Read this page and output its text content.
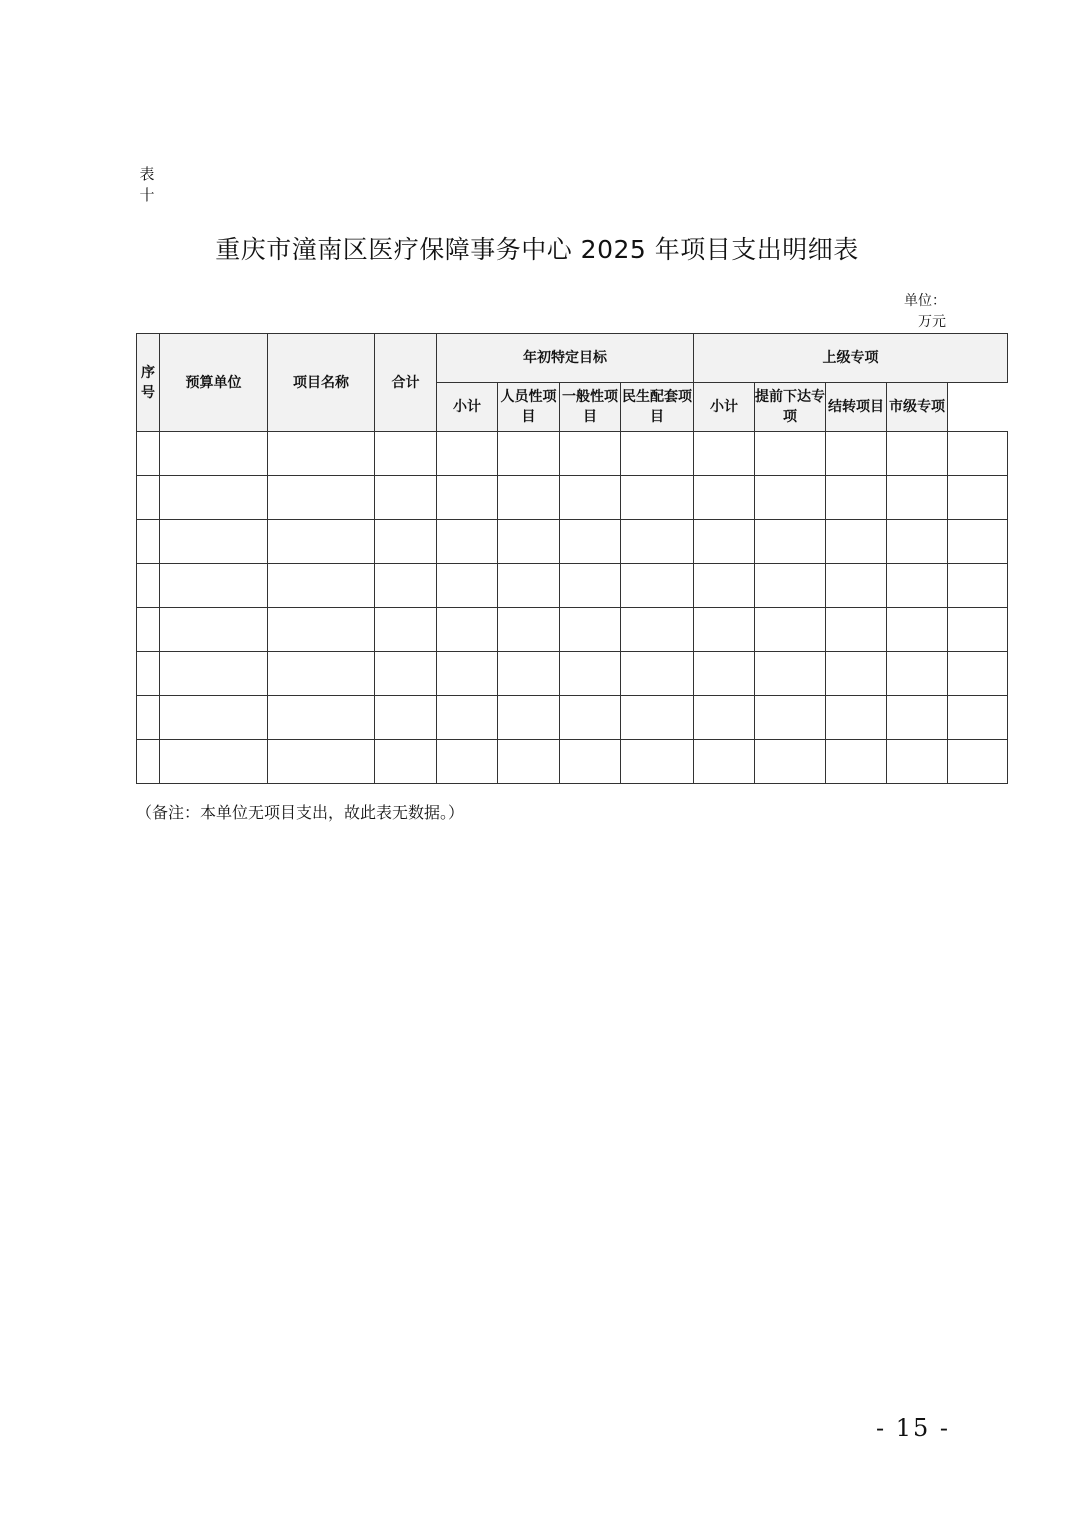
表十
重庆市潼南区医疗保障事务中心 2025 年项目支出明细表
单位：万元
序号	预算单位	项目名称	合计	年初特定目标				上级专项				
				小计	人员性项目	一般性项目	民生配套项目	小计	提前下达专项	结转项目	市级专项	

（备注：本单位无项目支出，故此表无数据。）
- 15 -
